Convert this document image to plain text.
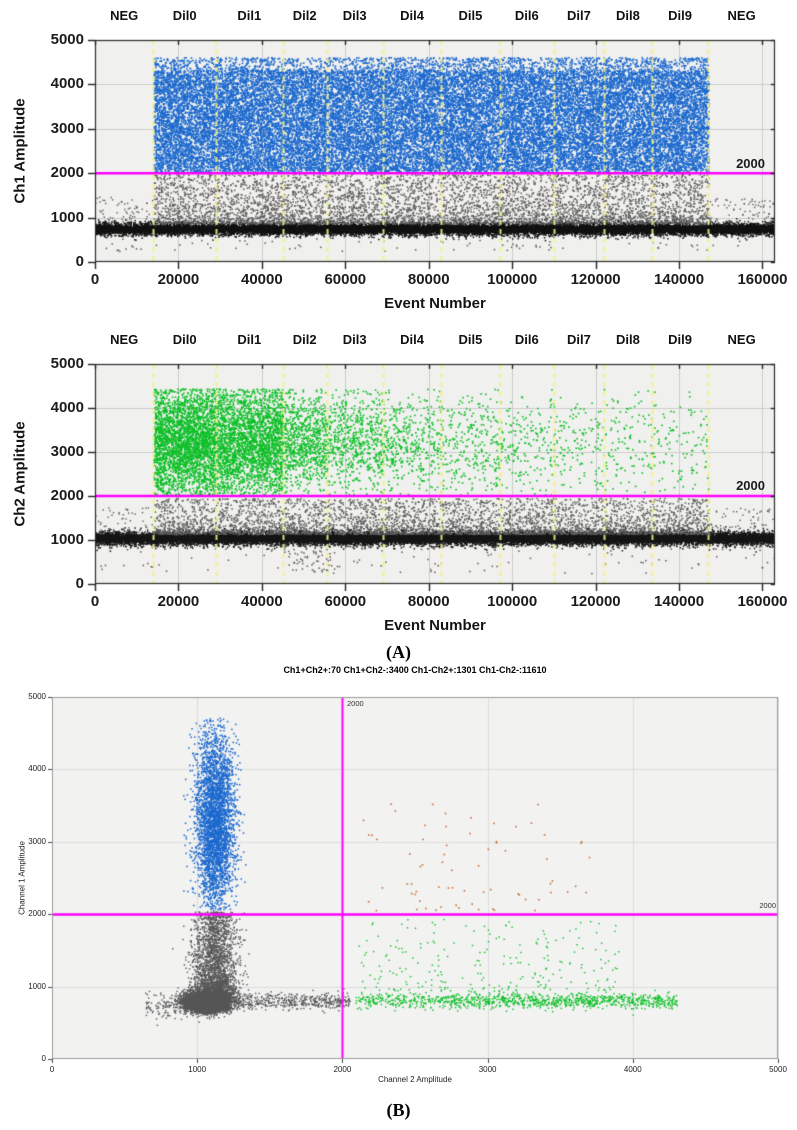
Ch1 Amplitude
Event Number
2000
Ch2 Amplitude
Event Number
2000
(A)
Ch1+Ch2+:70 Ch1+Ch2-:3400 Ch1-Ch2+:1301 Ch1-Ch2-:11610
Channel 1 Amplitude
Channel 2 Amplitude
2000
2000
(B)
NEG	Dil0	Dil1	Dil2	Dil3	Dil4	Dil5	Dil6	Dil7	Dil8	Dil9	NEG
0
1000
2000
3000
4000
5000
0	20000	40000	60000	80000	100000	120000	140000	160000
NEG	Dil0	Dil1	Dil2	Dil3	Dil4	Dil5	Dil6	Dil7	Dil8	Dil9	NEG
0
1000
2000
3000
4000
5000
0	20000	40000	60000	80000	100000	120000	140000	160000
0
1000
2000
3000
4000
5000
0	1000	2000	3000	4000	5000
